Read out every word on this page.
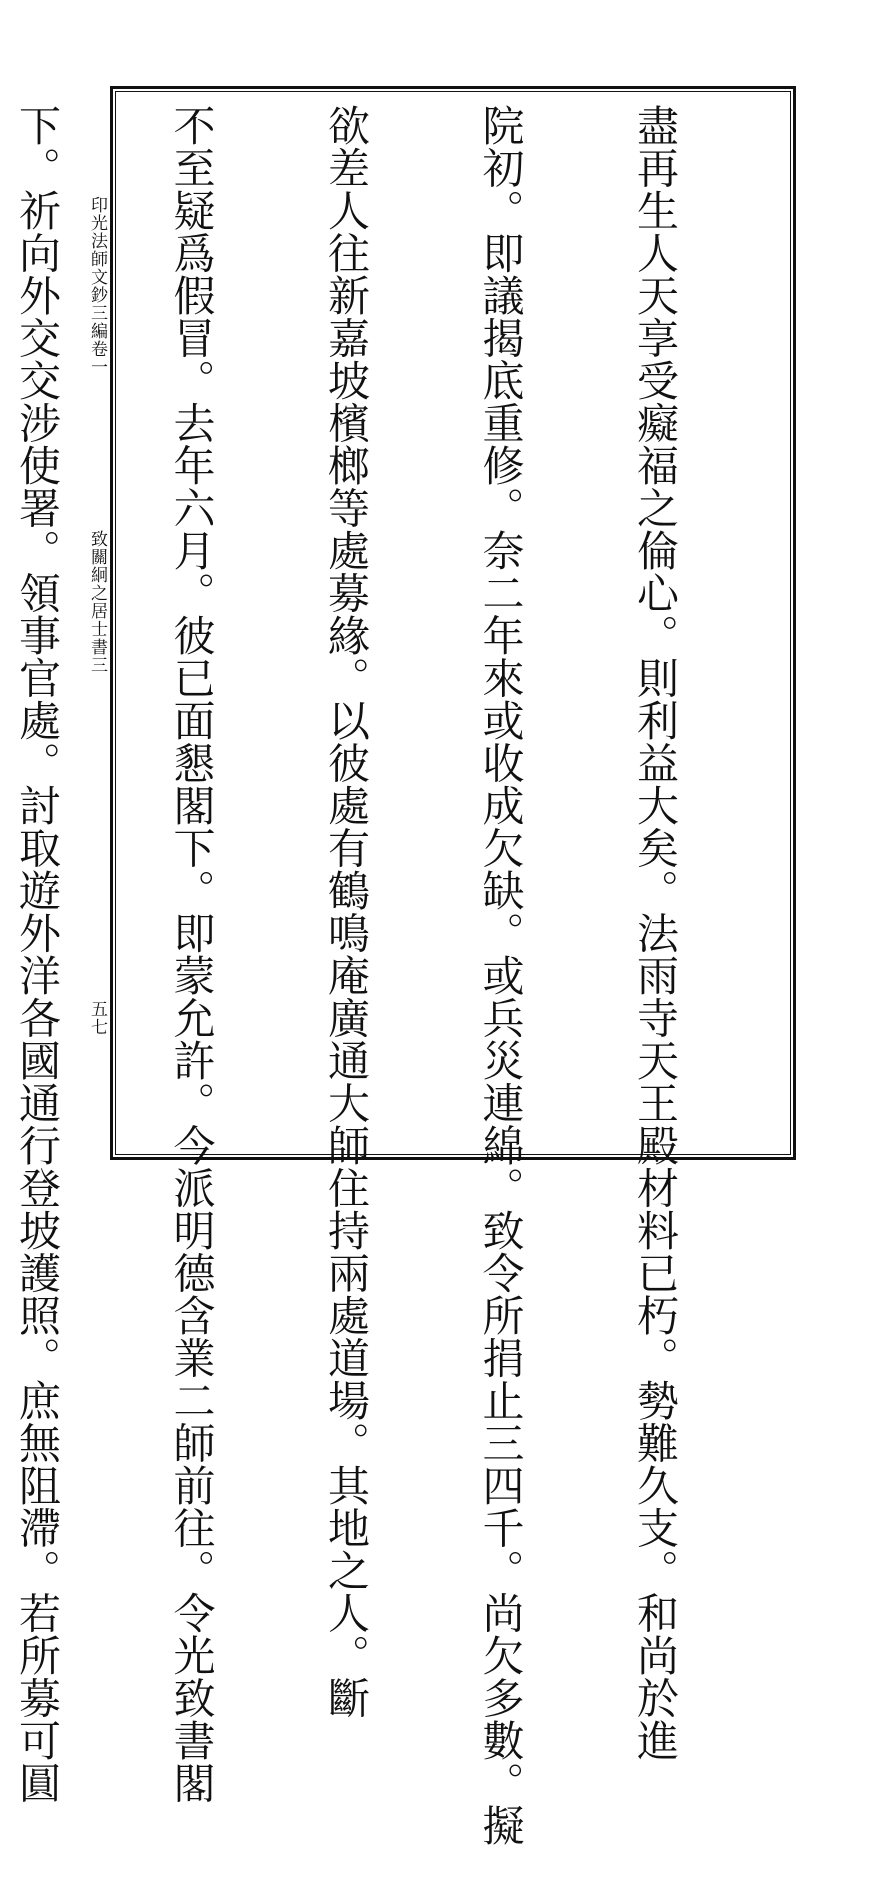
印光法師文鈔三編卷一
致關絅之居士書三
五七

	盡再生人天享受癡福之倫心。則利益大矣。法雨寺天王殿材料已朽。勢難久支。和尚於進

院初。即議揭底重修。奈二年來或收成欠缺。或兵災連綿。致令所捐止三四千。尚欠多數。擬

欲差人往新嘉坡檳榔等處募緣。以彼處有鶴鳴庵廣通大師住持兩處道場。其地之人。斷

不至疑爲假冒。去年六月。彼已面懇閣下。即蒙允許。今派明德含業二師前往。令光致書閣

下。祈向外交交涉使署。領事官處。討取遊外洋各國通行登坡護照。庶無阻滯。若所募可圓
